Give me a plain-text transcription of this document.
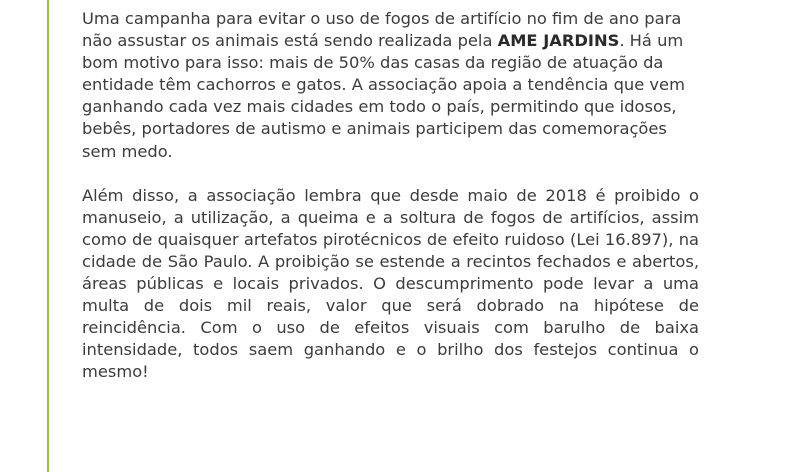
Uma campanha para evitar o uso de fogos de artifício no fim de ano para não assustar os animais está sendo realizada pela AME JARDINS. Há um bom motivo para isso: mais de 50% das casas da região de atuação da entidade têm cachorros e gatos. A associação apoia a tendência que vem ganhando cada vez mais cidades em todo o país, permitindo que idosos, bebês, portadores de autismo e animais participem das comemorações sem medo.

Além disso, a associação lembra que desde maio de 2018 é proibido o manuseio, a utilização, a queima e a soltura de fogos de artifícios, assim como de quaisquer artefatos pirotécnicos de efeito ruidoso (Lei 16.897), na cidade de São Paulo. A proibição se estende a recintos fechados e abertos, áreas públicas e locais privados. O descumprimento pode levar a uma multa de dois mil reais, valor que será dobrado na hipótese de reincidência. Com o uso de efeitos visuais com barulho de baixa intensidade, todos saem ganhando e o brilho dos festejos continua o mesmo!
